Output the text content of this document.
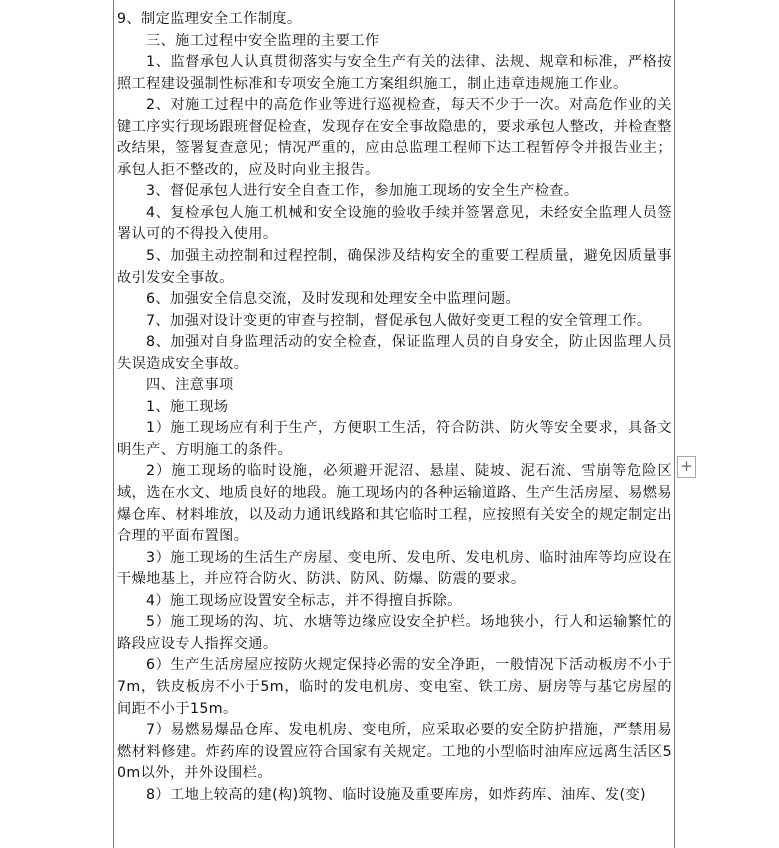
9、制定监理安全工作制度。

三、施工过程中安全监理的主要工作

1、监督承包人认真贯彻落实与安全生产有关的法律、法规、规章和标准，严格按照工程建设强制性标准和专项安全施工方案组织施工，制止违章违规施工作业。

2、对施工过程中的高危作业等进行巡视检查，每天不少于一次。对高危作业的关键工序实行现场跟班督促检查，发现存在安全事故隐患的，要求承包人整改，并检查整改结果，签署复查意见；情况严重的，应由总监理工程师下达工程暂停令并报告业主；承包人拒不整改的，应及时向业主报告。

3、督促承包人进行安全自查工作，参加施工现场的安全生产检查。

4、复检承包人施工机械和安全设施的验收手续并签署意见，未经安全监理人员签署认可的不得投入使用。

5、加强主动控制和过程控制，确保涉及结构安全的重要工程质量，避免因质量事故引发安全事故。

6、加强安全信息交流，及时发现和处理安全中监理问题。

7、加强对设计变更的审查与控制，督促承包人做好变更工程的安全管理工作。

8、加强对自身监理活动的安全检查，保证监理人员的自身安全，防止因监理人员失误造成安全事故。

四、注意事项

1、施工现场

1）施工现场应有利于生产，方便职工生活，符合防洪、防火等安全要求，具备文明生产、方明施工的条件。

2）施工现场的临时设施，必须避开泥沼、悬崖、陡坡、泥石流、雪崩等危险区域，选在水文、地质良好的地段。施工现场内的各种运输道路、生产生活房屋、易燃易爆仓库、材料堆放，以及动力通讯线路和其它临时工程，应按照有关安全的规定制定出合理的平面布置图。

3）施工现场的生活生产房屋、变电所、发电所、发电机房、临时油库等均应设在干燥地基上，并应符合防火、防洪、防风、防爆、防震的要求。

4）施工现场应设置安全标志，并不得擅自拆除。

5）施工现场的沟、坑、水塘等边缘应设安全护栏。场地狭小，行人和运输繁忙的路段应设专人指挥交通。

6）生产生活房屋应按防火规定保持必需的安全净距，一般情况下活动板房不小于7m，铁皮板房不小于5m，临时的发电机房、变电室、铁工房、厨房等与基它房屋的间距不小于15m。

7）易燃易爆品仓库、发电机房、变电所，应采取必要的安全防护措施，严禁用易燃材料修建。炸药库的设置应符合国家有关规定。工地的小型临时油库应远离生活区50m以外，并外设围栏。

8）工地上较高的建(构)筑物、临时设施及重要库房，如炸药库、油库、发(变)

+
